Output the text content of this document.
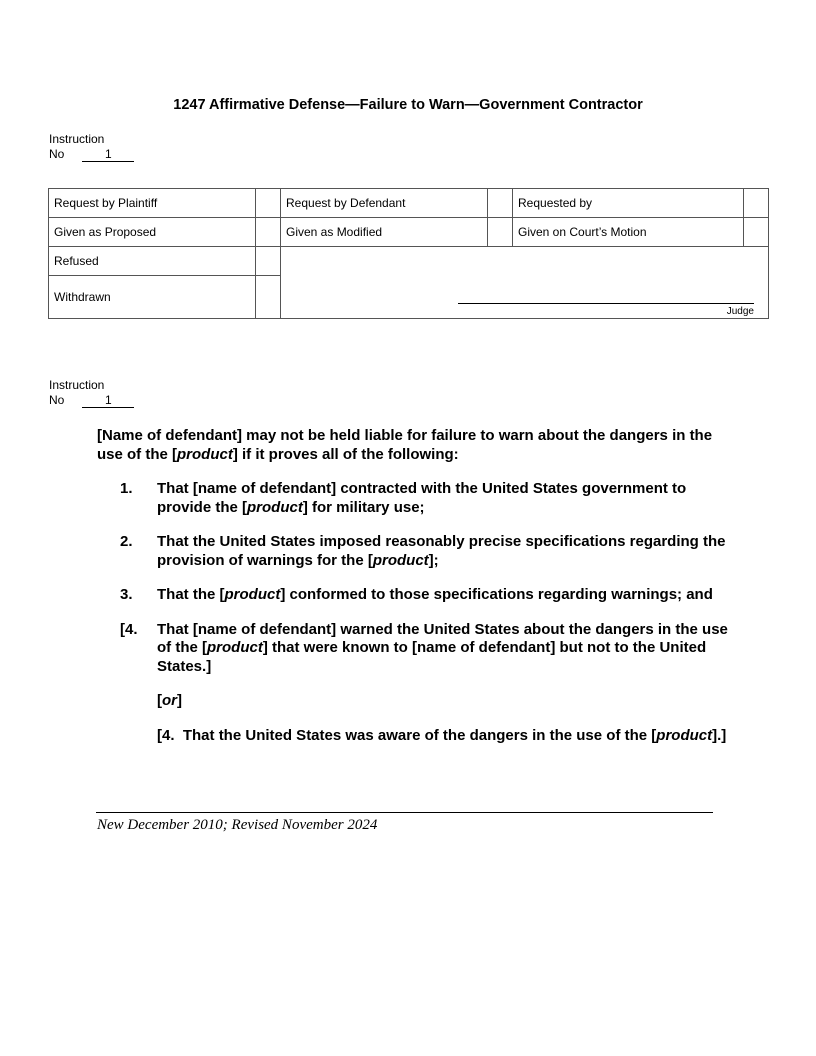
1247 Affirmative Defense—Failure to Warn—Government Contractor
Instruction
No	1
Request by Plaintiff		Request by Defendant		Requested by	
Given as Proposed		Given as Modified		Given on Court’s Motion	
Refused		Judge			

Withdrawn					
Instruction
No	1

[Name of defendant] may not be held liable for failure to warn about the dangers in the use of the [product] if it proves all of the following:

1. That [name of defendant] contracted with the United States government to provide the [product] for military use;
2. That the United States imposed reasonably precise specifications regarding the provision of warnings for the [product];
3. That the [product] conformed to those specifications regarding warnings; and
[4. That [name of defendant] warned the United States about the dangers in the use of the [product] that were known to [name of defendant] but not to the United States.]
[or]
[4. That the United States was aware of the dangers in the use of the [product].]
New December 2010; Revised November 2024
